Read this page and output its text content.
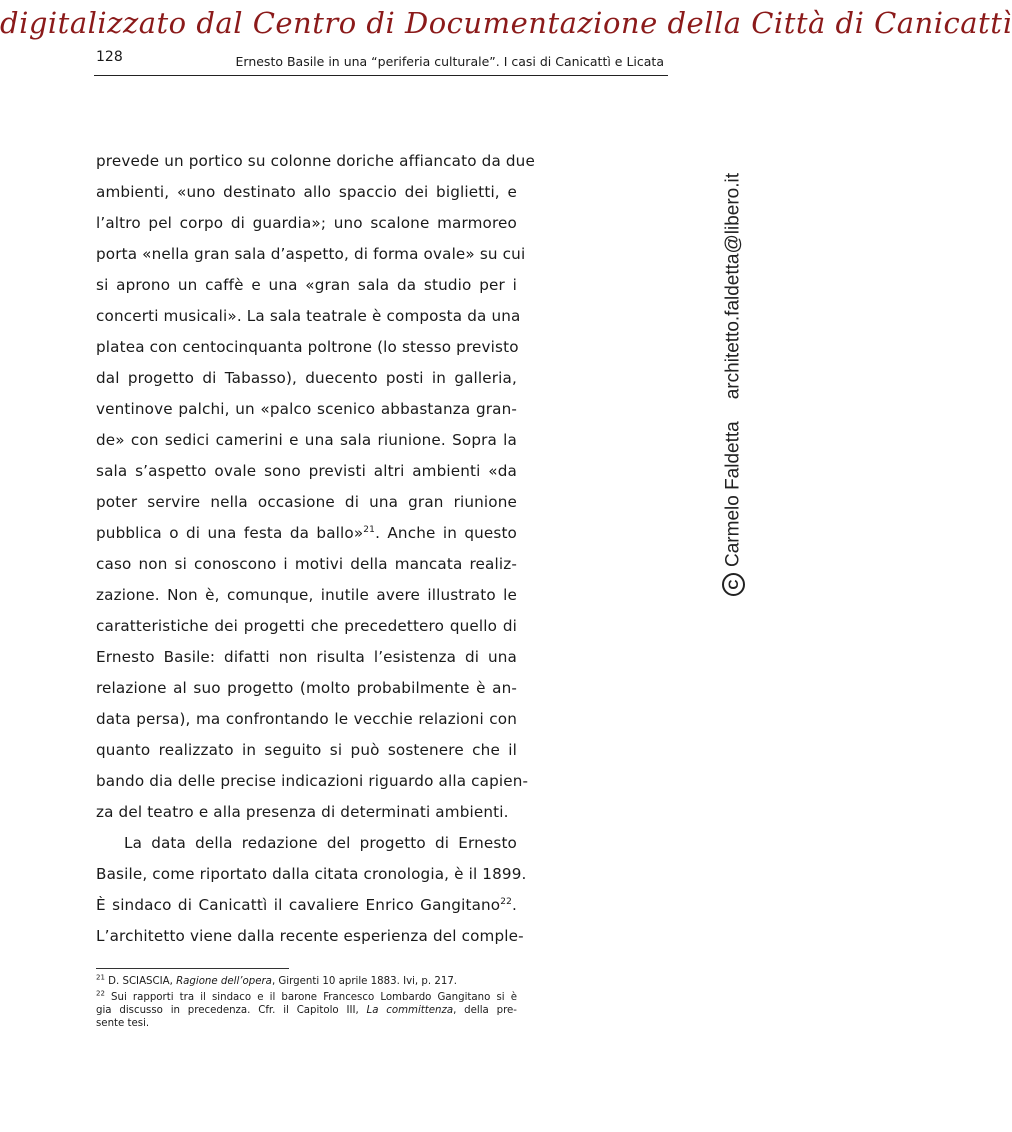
digitalizzato dal Centro di Documentazione della Città di Canicattì
128	Ernesto Basile in una “periferia culturale”. I casi di Canicattì e Licata

prevede un portico su colonne doriche affiancato da due
ambienti, «uno destinato allo spaccio dei biglietti, e
l’altro pel corpo di guardia»; uno scalone marmoreo
porta «nella gran sala d’aspetto, di forma ovale» su cui
si aprono un caffè e una «gran sala da studio per i
concerti musicali». La sala teatrale è composta da una
platea con centocinquanta poltrone (lo stesso previsto
dal progetto di Tabasso), duecento posti in galleria,
ventinove palchi, un «palco scenico abbastanza gran-
de» con sedici camerini e una sala riunione. Sopra la
sala s’aspetto ovale sono previsti altri ambienti «da
poter servire nella occasione di una gran riunione
pubblica o di una festa da ballo»$^{21}$. Anche in questo
caso non si conoscono i motivi della mancata realiz-
zazione. Non è, comunque, inutile avere illustrato le
caratteristiche dei progetti che precedettero quello di
Ernesto Basile: difatti non risulta l’esistenza di una
relazione al suo progetto (molto probabilmente è an-
data persa), ma confrontando le vecchie relazioni con
quanto realizzato in seguito si può sostenere che il
bando dia delle precise indicazioni riguardo alla capien-
za del teatro e alla presenza di determinati ambienti.

La data della redazione del progetto di Ernesto
Basile, come riportato dalla citata cronologia, è il 1899.
È sindaco di Canicattì il cavaliere Enrico Gangitano$^{22}$.
L’architetto viene dalla recente esperienza del comple-

$^{21}$ D. SCIASCIA, Ragione dell’opera, Girgenti 10 aprile 1883. Ivi, p. 217.
$^{22}$ Sui rapporti tra il sindaco e il barone Francesco Lombardo Gangitano si è
gia discusso in precedenza. Cfr. il Capitolo III, La committenza, della pre-
sente tesi.
CCarmelo Faldettaarchitetto.faldetta@libero.it
